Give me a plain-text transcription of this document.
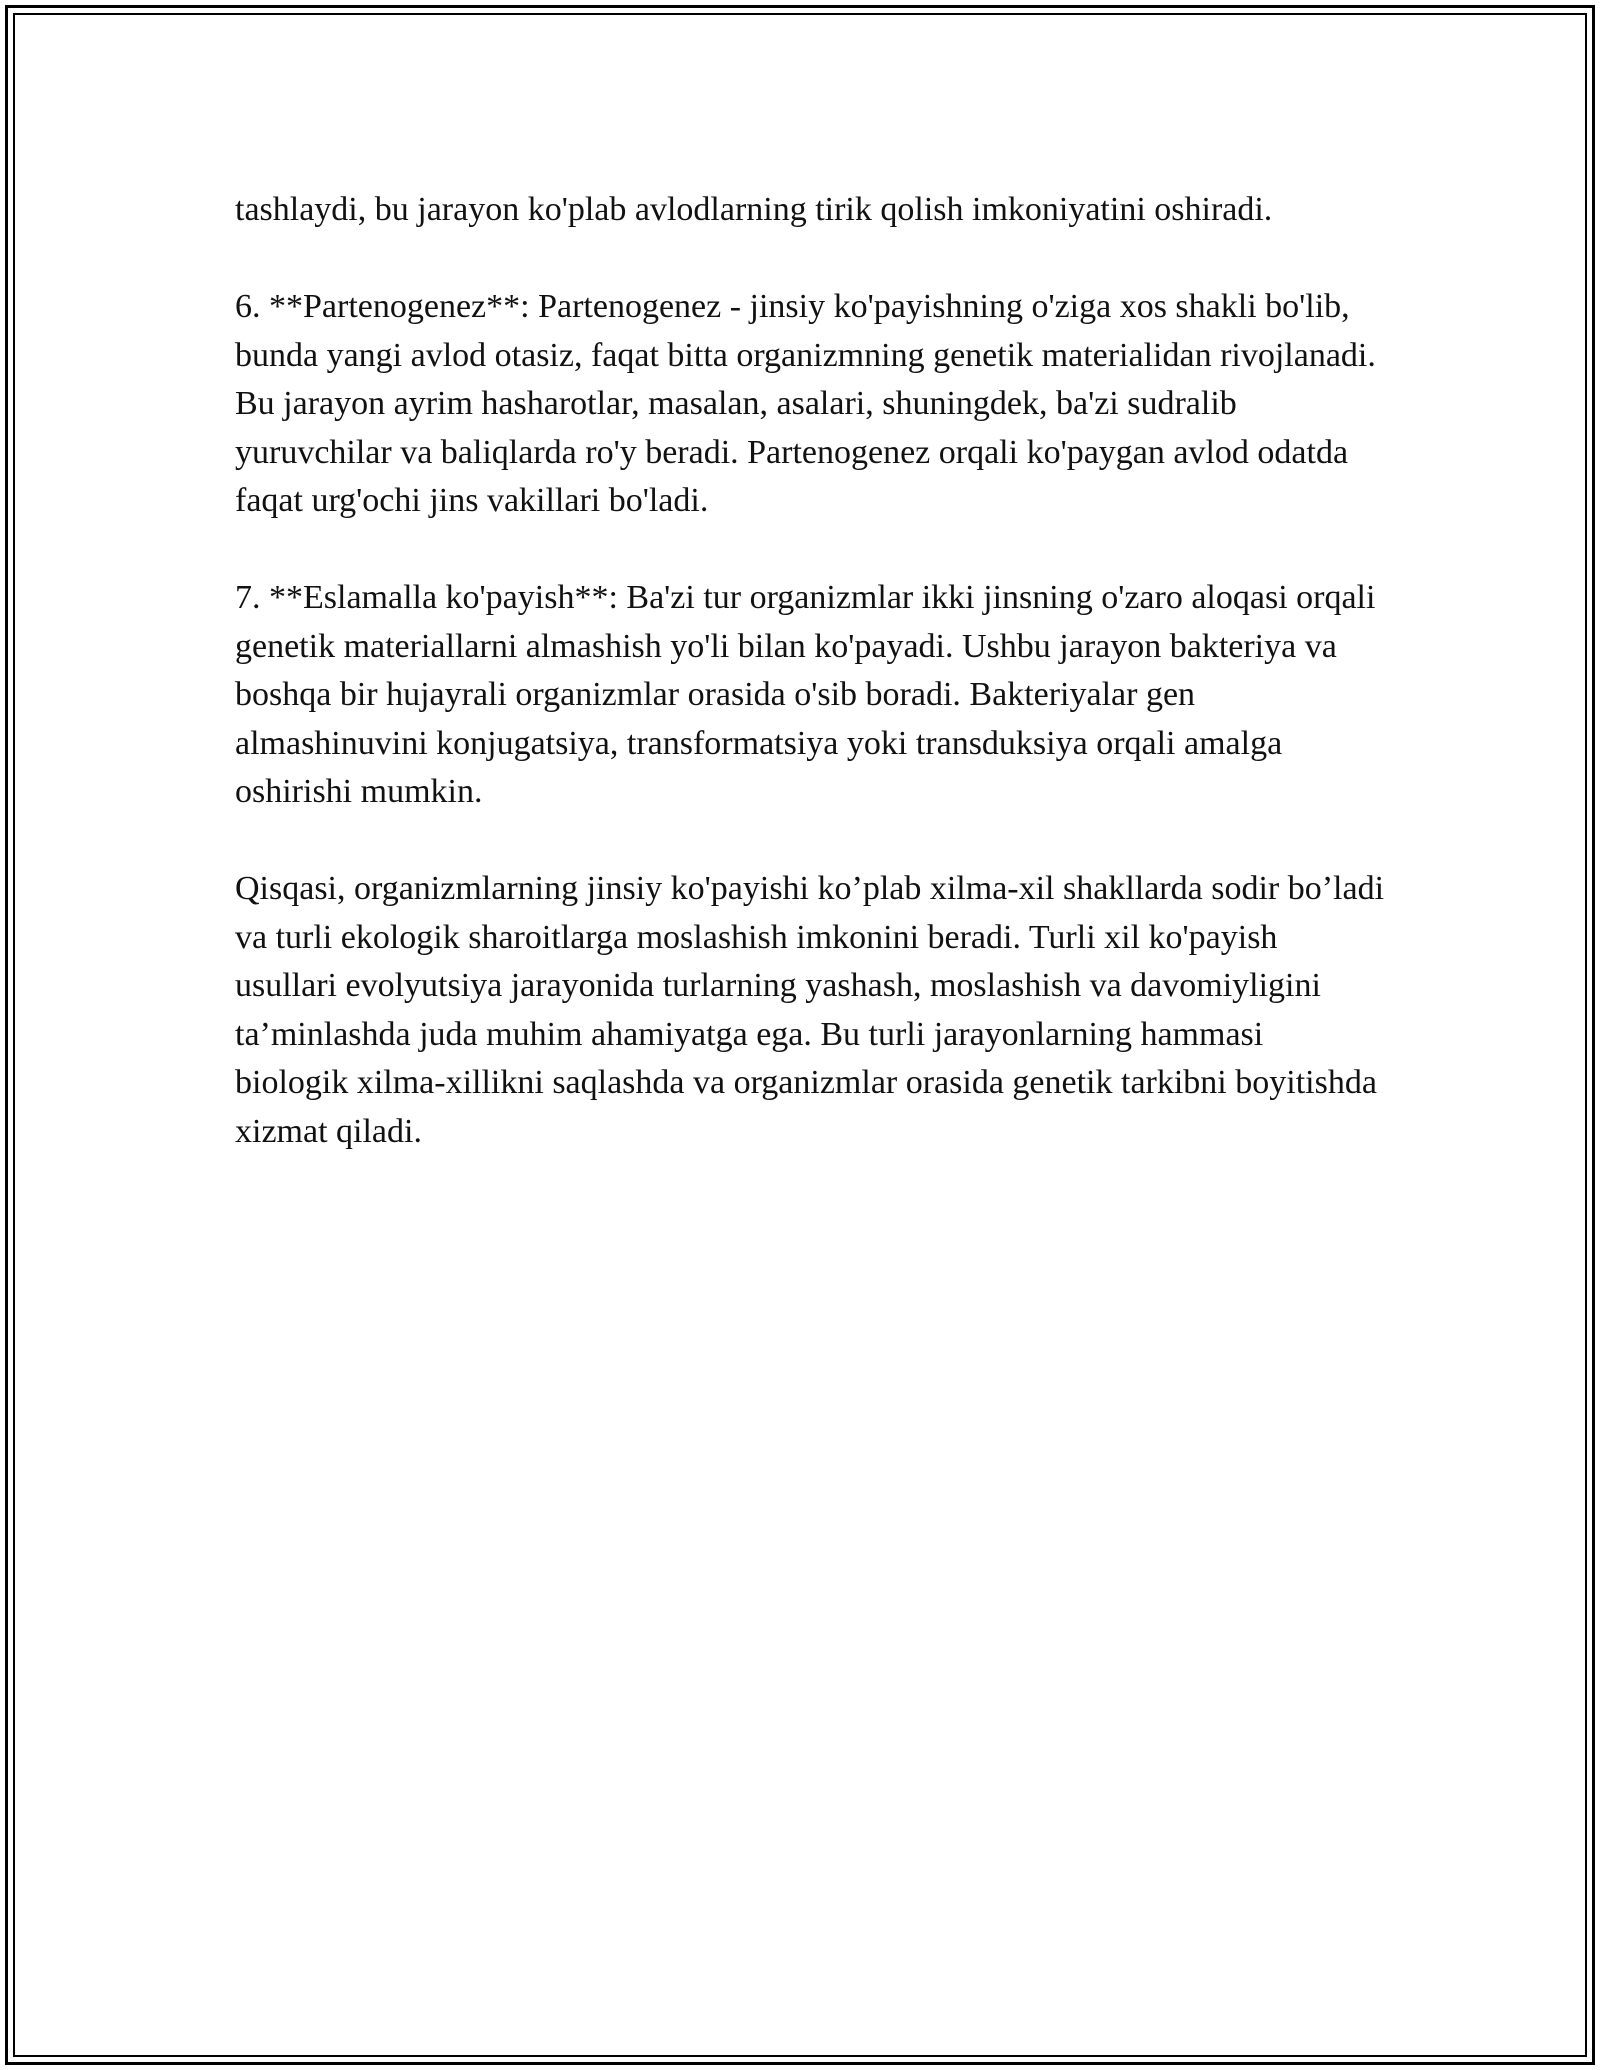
tashlaydi, bu jarayon ko'plab avlodlarning tirik qolish imkoniyatini oshiradi.

6. **Partenogenez**: Partenogenez - jinsiy ko'payishning o'ziga xos shakli bo'lib, bunda yangi avlod otasiz, faqat bitta organizmning genetik materialidan rivojlanadi. Bu jarayon ayrim hasharotlar, masalan, asalari, shuningdek, ba'zi sudralib yuruvchilar va baliqlarda ro'y beradi. Partenogenez orqali ko'paygan avlod odatda faqat urg'ochi jins vakillari bo'ladi.

7. **Eslamalla ko'payish**: Ba'zi tur organizmlar ikki jinsning o'zaro aloqasi orqali genetik materiallarni almashish yo'li bilan ko'payadi. Ushbu jarayon bakteriya va boshqa bir hujayrali organizmlar orasida o'sib boradi. Bakteriyalar gen almashinuvini konjugatsiya, transformatsiya yoki transduksiya orqali amalga oshirishi mumkin.

Qisqasi, organizmlarning jinsiy ko'payishi ko’plab xilma-xil shakllarda sodir bo’ladi va turli ekologik sharoitlarga moslashish imkonini beradi. Turli xil ko'payish usullari evolyutsiya jarayonida turlarning yashash, moslashish va davomiyligini ta’minlashda juda muhim ahamiyatga ega. Bu turli jarayonlarning hammasi biologik xilma-xillikni saqlashda va organizmlar orasida genetik tarkibni boyitishda xizmat qiladi.
